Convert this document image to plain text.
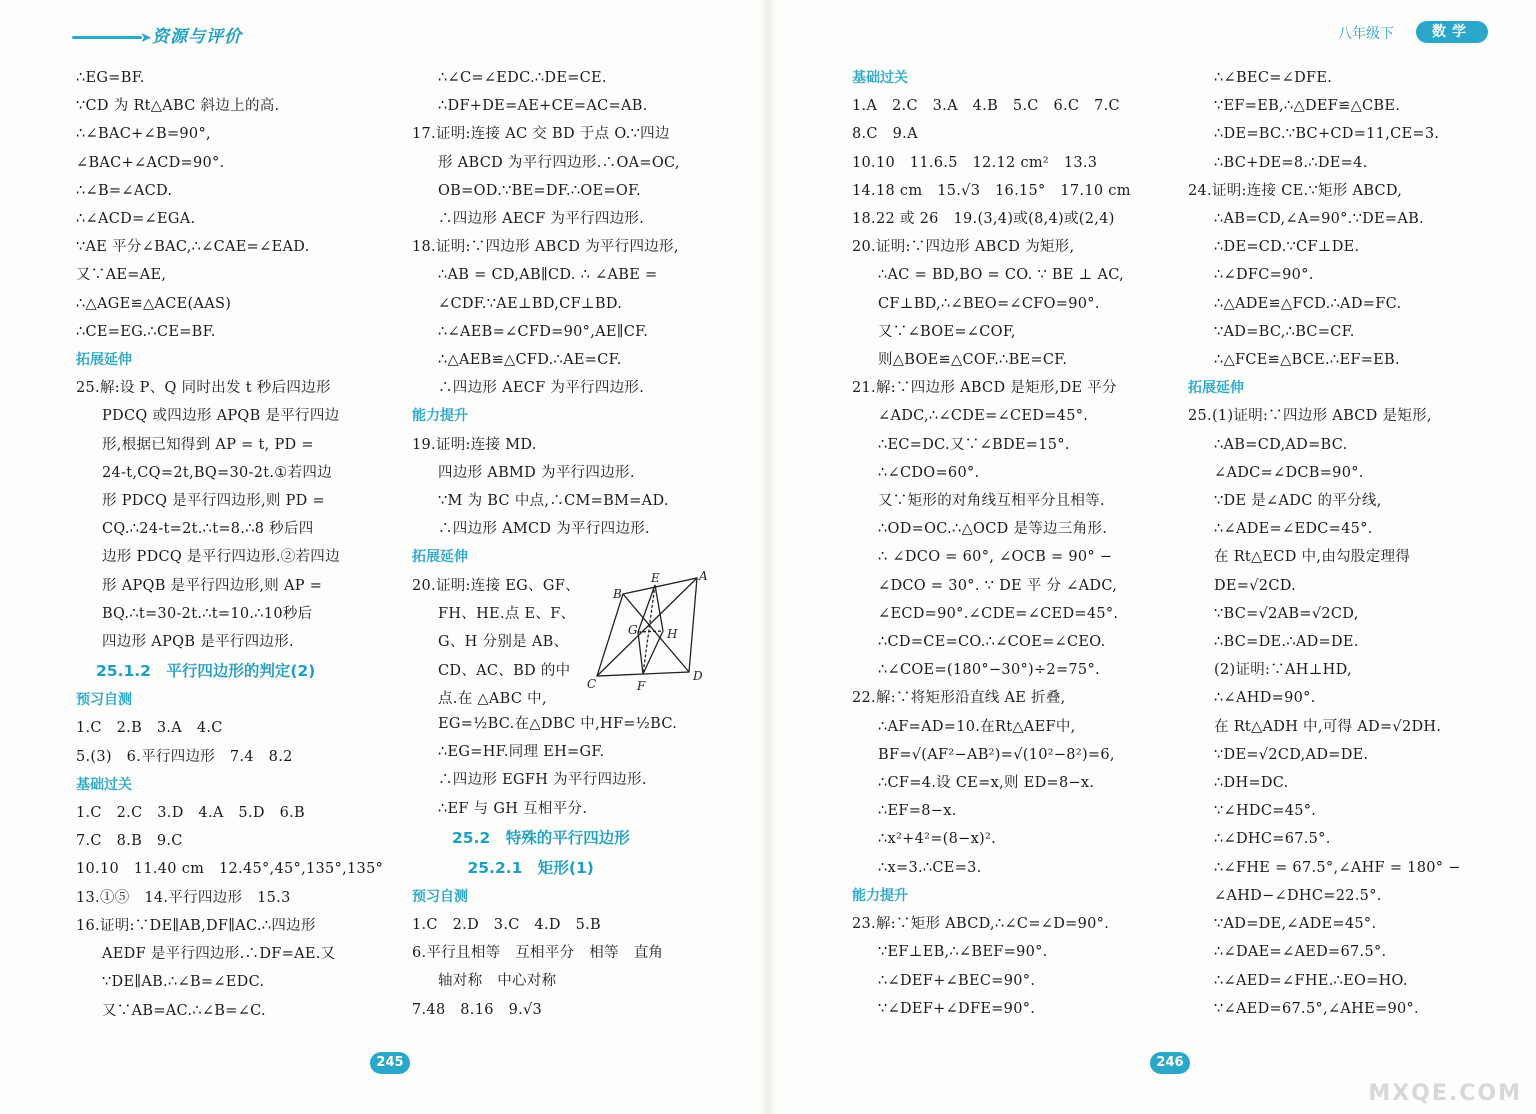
➤ 资源与评价
∴EG=BF.
∵CD 为 Rt△ABC 斜边上的高.
∴∠BAC+∠B=90°,
∠BAC+∠ACD=90°.
∴∠B=∠ACD.
∴∠ACD=∠EGA.
∵AE 平分∠BAC,∴∠CAE=∠EAD.
又∵AE=AE,
∴△AGE≌△ACE(AAS)
∴CE=EG.∴CE=BF.
拓展延伸
25.解:设 P、Q 同时出发 t 秒后四边形
PDCQ 或四边形 APQB 是平行四边
形,根据已知得到 AP = t, PD =
24-t,CQ=2t,BQ=30-2t.①若四边
形 PDCQ 是平行四边形,则 PD =
CQ.∴24-t=2t.∴t=8.∴8 秒后四
边形 PDCQ 是平行四边形.②若四边
形 APQB 是平行四边形,则 AP =
BQ.∴t=30-2t.∴t=10.∴10秒后
四边形 APQB 是平行四边形.
25.1.2　平行四边形的判定(2)
预习自测
1.C　2.B　3.A　4.C
5.(3)　6.平行四边形　7.4　8.2
基础过关
1.C　2.C　3.D　4.A　5.D　6.B
7.C　8.B　9.C
10.10　11.40 cm　12.45°,45°,135°,135°
13.①⑤　14.平行四边形　15.3
16.证明:∵DE∥AB,DF∥AC.∴四边形
AEDF 是平行四边形.∴DF=AE.又
∵DE∥AB.∴∠B=∠EDC.
又∵AB=AC.∴∠B=∠C.
∴∠C=∠EDC.∴DE=CE.
∴DF+DE=AE+CE=AC=AB.
17.证明:连接 AC 交 BD 于点 O.∵四边
形 ABCD 为平行四边形.∴OA=OC,
OB=OD.∵BE=DF.∴OE=OF.
∴四边形 AECF 为平行四边形.
18.证明:∵四边形 ABCD 为平行四边形,
∴AB = CD,AB∥CD. ∴ ∠ABE =
∠CDF.∵AE⊥BD,CF⊥BD.
∴∠AEB=∠CFD=90°,AE∥CF.
∴△AEB≌△CFD.∴AE=CF.
∴四边形 AECF 为平行四边形.
能力提升
19.证明:连接 MD.
四边形 ABMD 为平行四边形.
∵M 为 BC 中点,∴CM=BM=AD.
∴四边形 AMCD 为平行四边形.
拓展延伸
20.证明:连接 EG、GF、
FH、HE.点 E、F、
G、H 分别是 AB、
CD、AC、BD 的中
点.在 △ABC 中,
A
B
C
D
E
F
G H
EG=½BC.在△DBC 中,HF=½BC.
∴EG=HF.同理 EH=GF.
∴四边形 EGFH 为平行四边形.
∴EF 与 GH 互相平分.
25.2　特殊的平行四边形
　25.2.1　矩形(1)
预习自测
1.C　2.D　3.C　4.D　5.B
6.平行且相等　互相平分　相等　直角
轴对称　中心对称
7.48　8.16　9.√3
245
八年级下	数学
基础过关
1.A　2.C　3.A　4.B　5.C　6.C　7.C
8.C　9.A
10.10　11.6.5　12.12 cm²　13.3
14.18 cm　15.√3　16.15°　17.10 cm
18.22 或 26　19.(3,4)或(8,4)或(2,4)
20.证明:∵四边形 ABCD 为矩形,
∴AC = BD,BO = CO. ∵ BE ⊥ AC,
CF⊥BD,∴∠BEO=∠CFO=90°.
又∵∠BOE=∠COF,
则△BOE≌△COF.∴BE=CF.
21.解:∵四边形 ABCD 是矩形,DE 平分
∠ADC,∴∠CDE=∠CED=45°.
∴EC=DC.又∵∠BDE=15°.
∴∠CDO=60°.
又∵矩形的对角线互相平分且相等.
∴OD=OC.∴△OCD 是等边三角形.
∴ ∠DCO = 60°, ∠OCB = 90° −
∠DCO = 30°. ∵ DE 平 分 ∠ADC,
∠ECD=90°.∠CDE=∠CED=45°.
∴CD=CE=CO.∴∠COE=∠CEO.
∴∠COE=(180°−30°)÷2=75°.
22.解:∵将矩形沿直线 AE 折叠,
∴AF=AD=10.在Rt△AEF中,
BF=√(AF²−AB²)=√(10²−8²)=6,
∴CF=4.设 CE=x,则 ED=8−x.
∴EF=8−x.
∴x²+4²=(8−x)².
∴x=3.∴CE=3.
能力提升
23.解:∵矩形 ABCD,∴∠C=∠D=90°.
∵EF⊥EB,∴∠BEF=90°.
∴∠DEF+∠BEC=90°.
∵∠DEF+∠DFE=90°.
∴∠BEC=∠DFE.
∵EF=EB,∴△DEF≌△CBE.
∴DE=BC.∵BC+CD=11,CE=3.
∴BC+DE=8.∴DE=4.
24.证明:连接 CE.∵矩形 ABCD,
∴AB=CD,∠A=90°.∵DE=AB.
∴DE=CD.∵CF⊥DE.
∴∠DFC=90°.
∴△ADE≌△FCD.∴AD=FC.
∵AD=BC,∴BC=CF.
∴△FCE≌△BCE.∴EF=EB.
拓展延伸
25.(1)证明:∵四边形 ABCD 是矩形,
∴AB=CD,AD=BC.
∠ADC=∠DCB=90°.
∵DE 是∠ADC 的平分线,
∴∠ADE=∠EDC=45°.
在 Rt△ECD 中,由勾股定理得
DE=√2CD.
∵BC=√2AB=√2CD,
∴BC=DE.∴AD=DE.
(2)证明:∵AH⊥HD,
∴∠AHD=90°.
在 Rt△ADH 中,可得 AD=√2DH.
∵DE=√2CD,AD=DE.
∴DH=DC.
∵∠HDC=45°.
∴∠DHC=67.5°.
∴∠FHE = 67.5°,∠AHF = 180° −
∠AHD−∠DHC=22.5°.
∵AD=DE,∠ADE=45°.
∴∠DAE=∠AED=67.5°.
∴∠AED=∠FHE.∴EO=HO.
∵∠AED=67.5°,∠AHE=90°.
246
MXQE.COM
